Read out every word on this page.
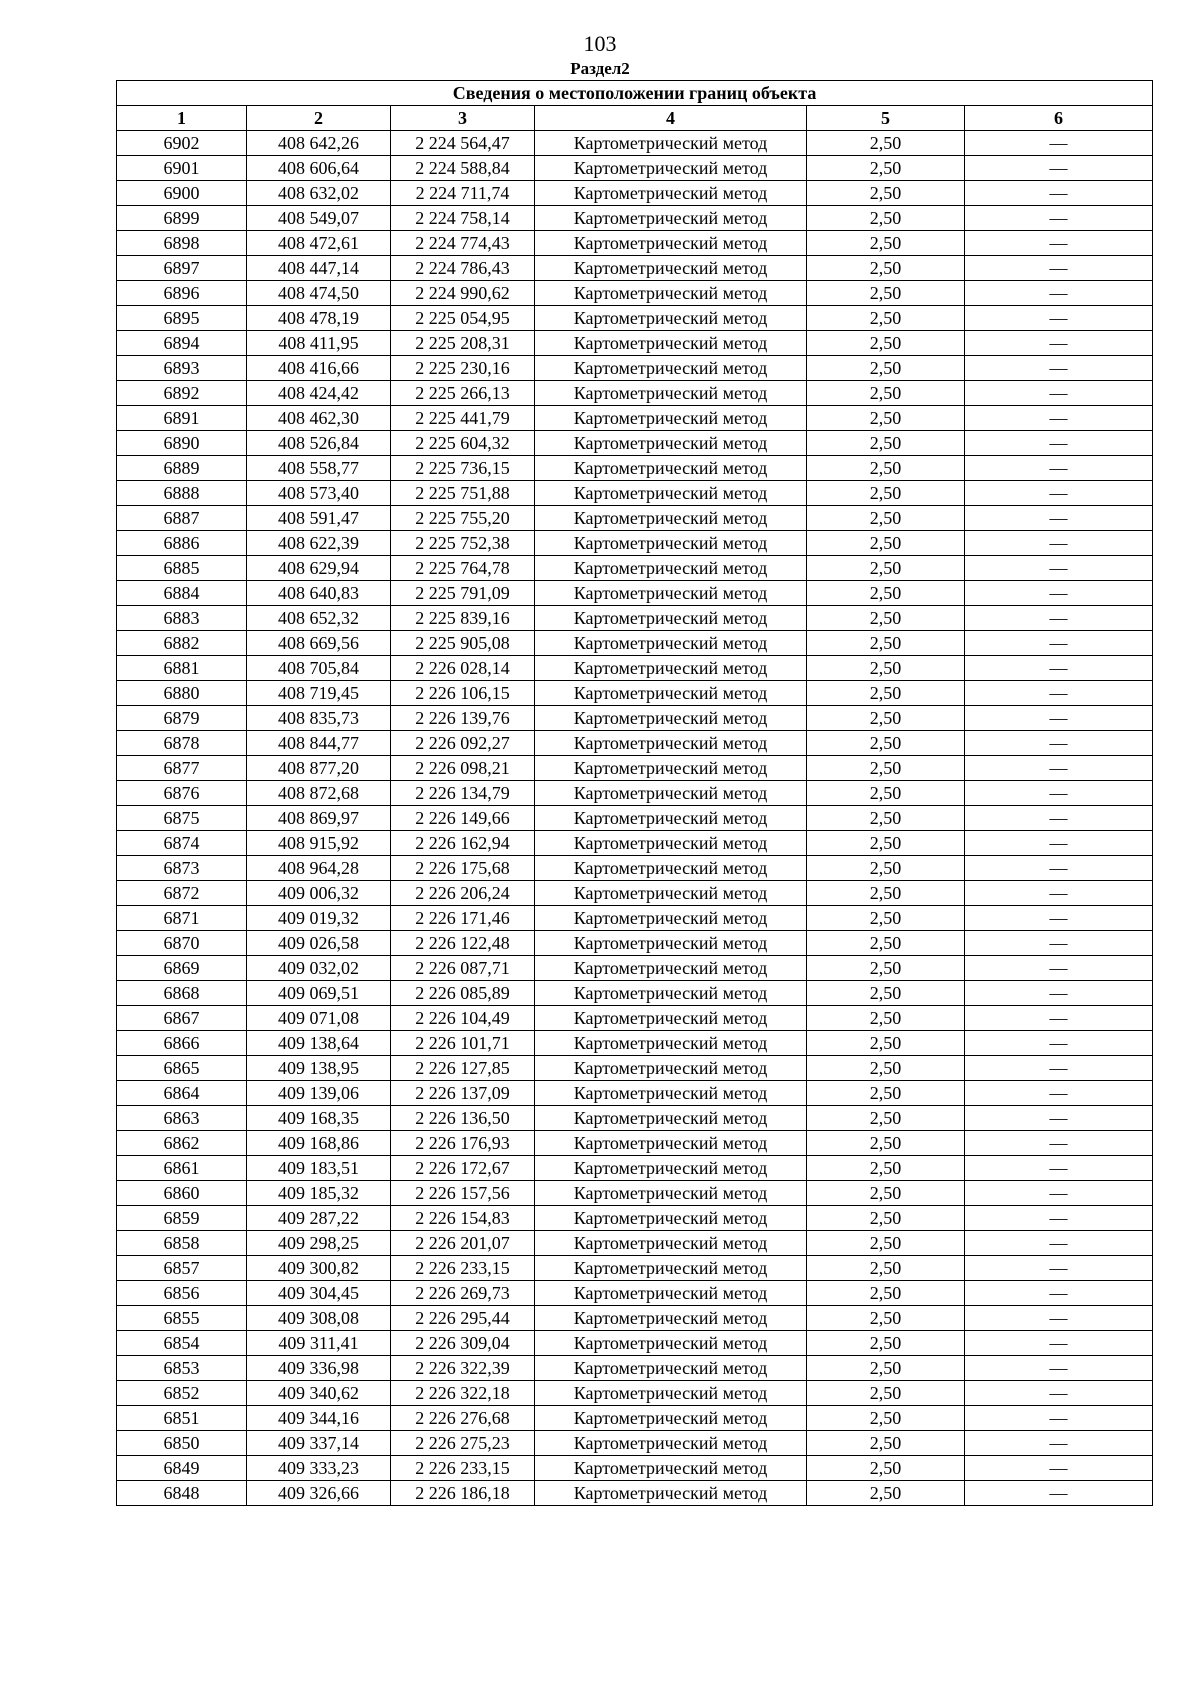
103
Раздел2
Сведения о местоположении границ объекта					
1	2	3	4	5	6
6902	408 642,26	2 224 564,47	Картометрический метод	2,50	—
6901	408 606,64	2 224 588,84	Картометрический метод	2,50	—
6900	408 632,02	2 224 711,74	Картометрический метод	2,50	—
6899	408 549,07	2 224 758,14	Картометрический метод	2,50	—
6898	408 472,61	2 224 774,43	Картометрический метод	2,50	—
6897	408 447,14	2 224 786,43	Картометрический метод	2,50	—
6896	408 474,50	2 224 990,62	Картометрический метод	2,50	—
6895	408 478,19	2 225 054,95	Картометрический метод	2,50	—
6894	408 411,95	2 225 208,31	Картометрический метод	2,50	—
6893	408 416,66	2 225 230,16	Картометрический метод	2,50	—
6892	408 424,42	2 225 266,13	Картометрический метод	2,50	—
6891	408 462,30	2 225 441,79	Картометрический метод	2,50	—
6890	408 526,84	2 225 604,32	Картометрический метод	2,50	—
6889	408 558,77	2 225 736,15	Картометрический метод	2,50	—
6888	408 573,40	2 225 751,88	Картометрический метод	2,50	—
6887	408 591,47	2 225 755,20	Картометрический метод	2,50	—
6886	408 622,39	2 225 752,38	Картометрический метод	2,50	—
6885	408 629,94	2 225 764,78	Картометрический метод	2,50	—
6884	408 640,83	2 225 791,09	Картометрический метод	2,50	—
6883	408 652,32	2 225 839,16	Картометрический метод	2,50	—
6882	408 669,56	2 225 905,08	Картометрический метод	2,50	—
6881	408 705,84	2 226 028,14	Картометрический метод	2,50	—
6880	408 719,45	2 226 106,15	Картометрический метод	2,50	—
6879	408 835,73	2 226 139,76	Картометрический метод	2,50	—
6878	408 844,77	2 226 092,27	Картометрический метод	2,50	—
6877	408 877,20	2 226 098,21	Картометрический метод	2,50	—
6876	408 872,68	2 226 134,79	Картометрический метод	2,50	—
6875	408 869,97	2 226 149,66	Картометрический метод	2,50	—
6874	408 915,92	2 226 162,94	Картометрический метод	2,50	—
6873	408 964,28	2 226 175,68	Картометрический метод	2,50	—
6872	409 006,32	2 226 206,24	Картометрический метод	2,50	—
6871	409 019,32	2 226 171,46	Картометрический метод	2,50	—
6870	409 026,58	2 226 122,48	Картометрический метод	2,50	—
6869	409 032,02	2 226 087,71	Картометрический метод	2,50	—
6868	409 069,51	2 226 085,89	Картометрический метод	2,50	—
6867	409 071,08	2 226 104,49	Картометрический метод	2,50	—
6866	409 138,64	2 226 101,71	Картометрический метод	2,50	—
6865	409 138,95	2 226 127,85	Картометрический метод	2,50	—
6864	409 139,06	2 226 137,09	Картометрический метод	2,50	—
6863	409 168,35	2 226 136,50	Картометрический метод	2,50	—
6862	409 168,86	2 226 176,93	Картометрический метод	2,50	—
6861	409 183,51	2 226 172,67	Картометрический метод	2,50	—
6860	409 185,32	2 226 157,56	Картометрический метод	2,50	—
6859	409 287,22	2 226 154,83	Картометрический метод	2,50	—
6858	409 298,25	2 226 201,07	Картометрический метод	2,50	—
6857	409 300,82	2 226 233,15	Картометрический метод	2,50	—
6856	409 304,45	2 226 269,73	Картометрический метод	2,50	—
6855	409 308,08	2 226 295,44	Картометрический метод	2,50	—
6854	409 311,41	2 226 309,04	Картометрический метод	2,50	—
6853	409 336,98	2 226 322,39	Картометрический метод	2,50	—
6852	409 340,62	2 226 322,18	Картометрический метод	2,50	—
6851	409 344,16	2 226 276,68	Картометрический метод	2,50	—
6850	409 337,14	2 226 275,23	Картометрический метод	2,50	—
6849	409 333,23	2 226 233,15	Картометрический метод	2,50	—
6848	409 326,66	2 226 186,18	Картометрический метод	2,50	—
